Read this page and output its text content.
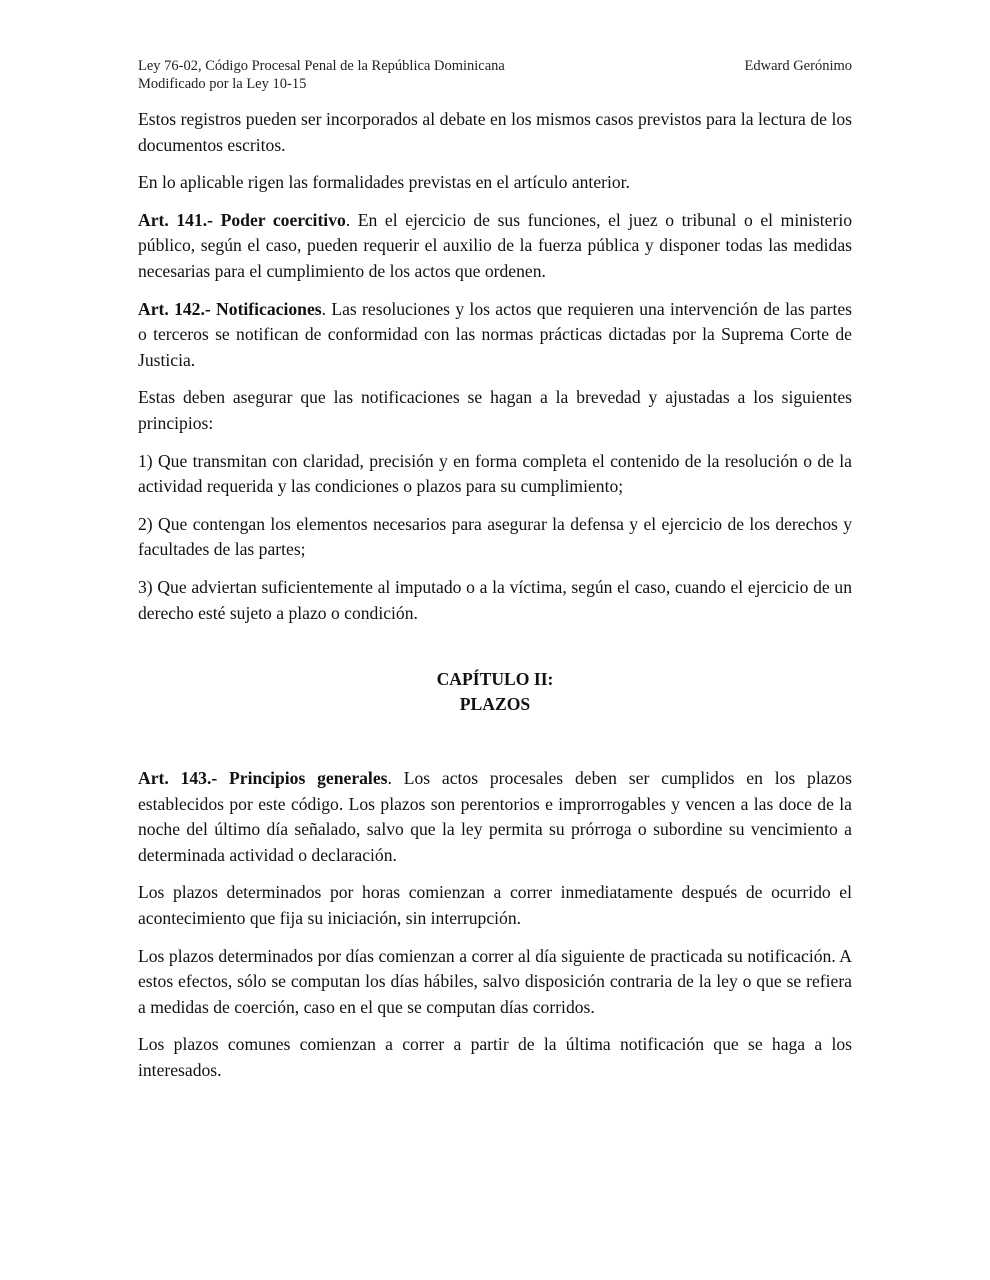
Ley 76-02, Código Procesal Penal de la República Dominicana
Modificado por la Ley 10-15
Edward Gerónimo

Estos registros pueden ser incorporados al debate en los mismos casos previstos para la lectura de los documentos escritos.

En lo aplicable rigen las formalidades previstas en el artículo anterior.

Art. 141.- Poder coercitivo. En el ejercicio de sus funciones, el juez o tribunal o el ministerio público, según el caso, pueden requerir el auxilio de la fuerza pública y disponer todas las medidas necesarias para el cumplimiento de los actos que ordenen.

Art. 142.- Notificaciones. Las resoluciones y los actos que requieren una intervención de las partes o terceros se notifican de conformidad con las normas prácticas dictadas por la Suprema Corte de Justicia.

Estas deben asegurar que las notificaciones se hagan a la brevedad y ajustadas a los siguientes principios:

1) Que transmitan con claridad, precisión y en forma completa el contenido de la resolución o de la actividad requerida y las condiciones o plazos para su cumplimiento;

2) Que contengan los elementos necesarios para asegurar la defensa y el ejercicio de los derechos y facultades de las partes;

3) Que adviertan suficientemente al imputado o a la víctima, según el caso, cuando el ejercicio de un derecho esté sujeto a plazo o condición.

CAPÍTULO II:
PLAZOS

Art. 143.- Principios generales. Los actos procesales deben ser cumplidos en los plazos establecidos por este código. Los plazos son perentorios e improrrogables y vencen a las doce de la noche del último día señalado, salvo que la ley permita su prórroga o subordine su vencimiento a determinada actividad o declaración.

Los plazos determinados por horas comienzan a correr inmediatamente después de ocurrido el acontecimiento que fija su iniciación, sin interrupción.

Los plazos determinados por días comienzan a correr al día siguiente de practicada su notificación. A estos efectos, sólo se computan los días hábiles, salvo disposición contraria de la ley o que se refiera a medidas de coerción, caso en el que se computan días corridos.

Los plazos comunes comienzan a correr a partir de la última notificación que se haga a los interesados.
